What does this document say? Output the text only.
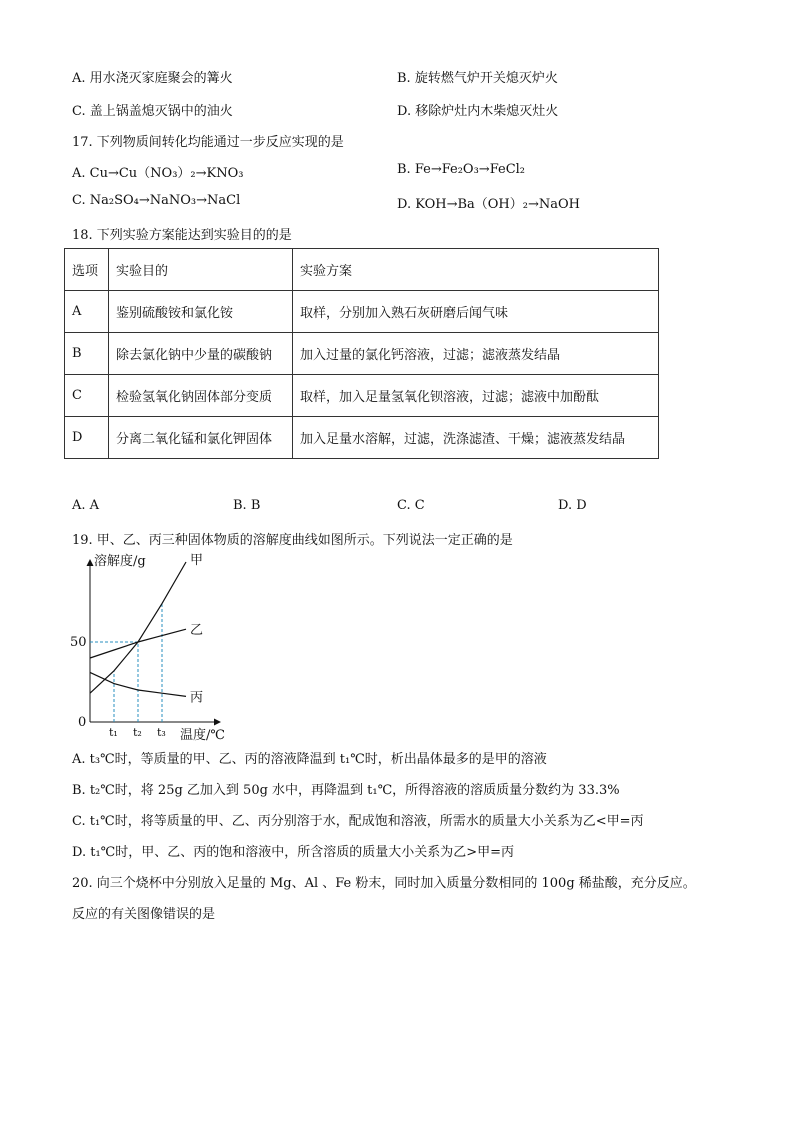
A. 用水浇灭家庭聚会的篝火	B. 旋转燃气炉开关熄灭炉火
C. 盖上锅盖熄灭锅中的油火	D. 移除炉灶内木柴熄灭灶火
17. 下列物质间转化均能通过一步反应实现的是
A. Cu→Cu（NO₃）₂→KNO₃	B. Fe→Fe₂O₃→FeCl₂
C. Na₂SO₄→NaNO₃→NaCl	D. KOH→Ba（OH）₂→NaOH
18. 下列实验方案能达到实验目的的是
选项	实验目的	实验方案
A	鉴别硫酸铵和氯化铵	取样，分别加入熟石灰研磨后闻气味
B	除去氯化钠中少量的碳酸钠	加入过量的氯化钙溶液，过滤；滤液蒸发结晶
C	检验氢氧化钠固体部分变质	取样，加入足量氢氧化钡溶液，过滤；滤液中加酚酞
D	分离二氧化锰和氯化钾固体	加入足量水溶解，过滤，洗涤滤渣、干燥；滤液蒸发结晶
A. A	B. B	C. C	D. D
19. 甲、乙、丙三种固体物质的溶解度曲线如图所示。下列说法一定正确的是
甲
乙
丙
溶解度/g
温度/℃
0
50
t₁ t₂ t₃
A. t₃℃时，等质量的甲、乙、丙的溶液降温到 t₁℃时，析出晶体最多的是甲的溶液
B. t₂℃时，将 25g 乙加入到 50g 水中，再降温到 t₁℃，所得溶液的溶质质量分数约为 33.3%
C. t₁℃时，将等质量的甲、乙、丙分别溶于水，配成饱和溶液，所需水的质量大小关系为乙<甲=丙
D. t₁℃时，甲、乙、丙的饱和溶液中，所含溶质的质量大小关系为乙>甲=丙
20. 向三个烧杯中分别放入足量的 Mg、Al 、Fe 粉末，同时加入质量分数相同的 100g 稀盐酸，充分反应。
反应的有关图像错误的是
